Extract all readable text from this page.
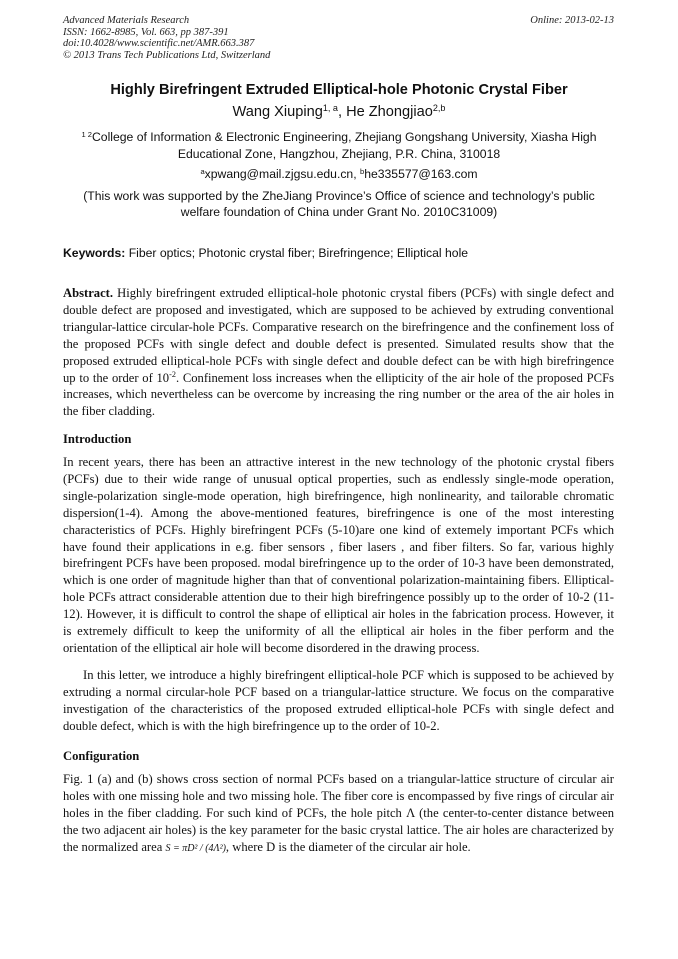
Advanced Materials Research
ISSN: 1662-8985, Vol. 663, pp 387-391
doi:10.4028/www.scientific.net/AMR.663.387
© 2013 Trans Tech Publications Ltd, Switzerland
Online: 2013-02-13
Highly Birefringent Extruded Elliptical-hole Photonic Crystal Fiber
Wang Xiuping$^{1, a}$, He Zhongjiao$^{2,b}$
$^{1 2}$College of Information & Electronic Engineering, Zhejiang Gongshang University, Xiasha High Educational Zone, Hangzhou, Zhejiang, P.R. China, 310018
$^a$xpwang@mail.zjgsu.edu.cn, $^b$he335577@163.com
(This work was supported by the ZheJiang Province’s Office of science and technology’s public welfare foundation of China under Grant No. 2010C31009)
Keywords: Fiber optics; Photonic crystal fiber; Birefringence; Elliptical hole
Abstract. Highly birefringent extruded elliptical-hole photonic crystal fibers (PCFs) with single defect and double defect are proposed and investigated, which are supposed to be achieved by extruding conventional triangular-lattice circular-hole PCFs. Comparative research on the birefringence and the confinement loss of the proposed PCFs with single defect and double defect is presented. Simulated results show that the proposed extruded elliptical-hole PCFs with single defect and double defect can be with high birefringence up to the order of $10^{-2}$. Confinement loss increases when the ellipticity of the air hole of the proposed PCFs increases, which nevertheless can be overcome by increasing the ring number or the area of the air holes in the fiber cladding.
Introduction
In recent years, there has been an attractive interest in the new technology of the photonic crystal fibers (PCFs) due to their wide range of unusual optical properties, such as endlessly single-mode operation, single-polarization single-mode operation, high birefringence, high nonlinearity, and tailorable chromatic dispersion(1-4). Among the above-mentioned features, birefringence is one of the most interesting characteristics of PCFs. Highly birefringent PCFs (5-10)are one kind of extemely important PCFs which have found their applications in e.g. fiber sensors , fiber lasers , and fiber filters. So far, various highly birefringent PCFs have been proposed. modal birefringence up to the order of 10-3 have been demonstrated, which is one order of magnitude higher than that of conventional polarization-maintaining fibers. Elliptical-hole PCFs attract considerable attention due to their high birefringence possibly up to the order of 10-2 (11-12). However, it is difficult to control the shape of elliptical air holes in the fabrication process. However, it is extremely difficult to keep the uniformity of all the elliptical air holes in the fiber perform and the orientation of the elliptical air hole will become disordered in the drawing process.
In this letter, we introduce a highly birefringent elliptical-hole PCF which is supposed to be achieved by extruding a normal circular-hole PCF based on a triangular-lattice structure. We focus on the comparative investigation of the characteristics of the proposed extruded elliptical-hole PCFs with single defect and double defect, which is with the high birefringence up to the order of 10-2.
Configuration
Fig. 1 (a) and (b) shows cross section of normal PCFs based on a triangular-lattice structure of circular air holes with one missing hole and two missing hole. The fiber core is encompassed by five rings of circular air holes in the fiber cladding. For such kind of PCFs, the hole pitch Λ (the center-to-center distance between the two adjacent air holes) is the key parameter for the basic crystal lattice. The air holes are characterized by the normalized area S = πD² / (4Λ²), where D is the diameter of the circular air hole.
